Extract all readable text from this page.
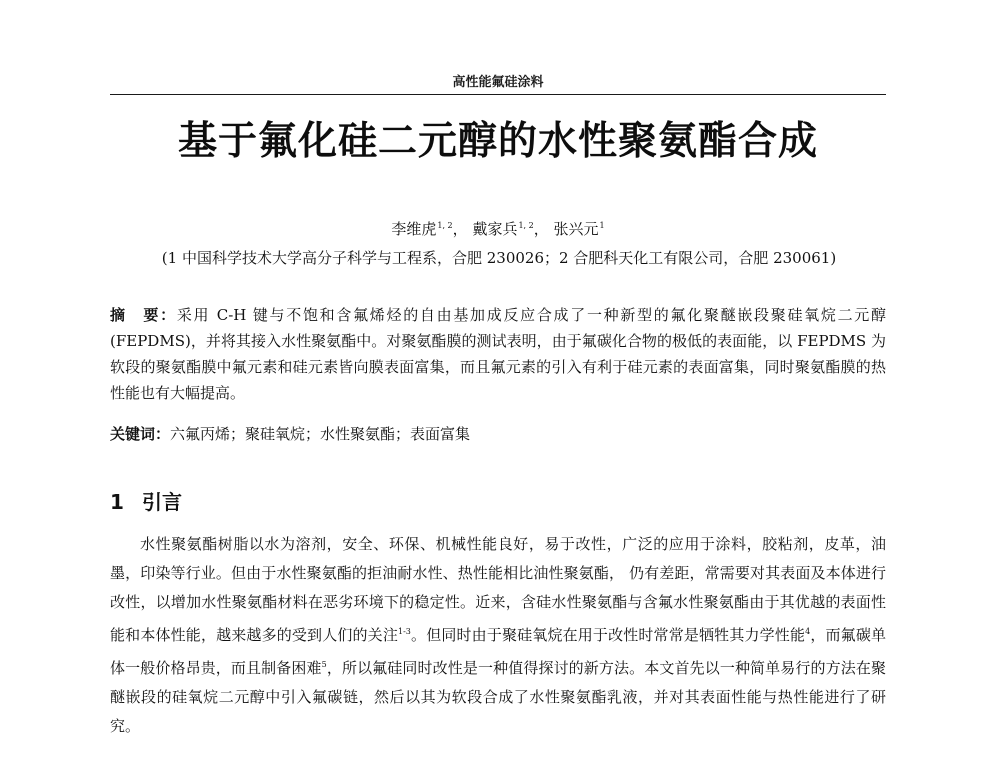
高性能氟硅涂料
基于氟化硅二元醇的水性聚氨酯合成
李维虎$^{1, 2}$， 戴家兵$^{1, 2}$， 张兴元$^1$
(1 中国科学技术大学高分子科学与工程系，合肥 230026；2 合肥科天化工有限公司，合肥 230061)

摘　要：采用 C-H 键与不饱和含氟烯烃的自由基加成反应合成了一种新型的氟化聚醚嵌段聚硅氧烷二元醇(FEPDMS)，并将其接入水性聚氨酯中。对聚氨酯膜的测试表明，由于氟碳化合物的极低的表面能，以 FEPDMS 为软段的聚氨酯膜中氟元素和硅元素皆向膜表面富集，而且氟元素的引入有利于硅元素的表面富集，同时聚氨酯膜的热性能也有大幅提高。

关键词：六氟丙烯；聚硅氧烷；水性聚氨酯；表面富集

1 引言

水性聚氨酯树脂以水为溶剂，安全、环保、机械性能良好，易于改性，广泛的应用于涂料，胶粘剂，皮革，油墨，印染等行业。但由于水性聚氨酯的拒油耐水性、热性能相比油性聚氨酯， 仍有差距，常需要对其表面及本体进行改性，以增加水性聚氨酯材料在恶劣环境下的稳定性。近来，含硅水性聚氨酯与含氟水性聚氨酯由于其优越的表面性能和本体性能，越来越多的受到人们的关注$^{1-3}$。但同时由于聚硅氧烷在用于改性时常常是牺牲其力学性能$^4$，而氟碳单体一般价格昂贵，而且制备困难$^5$，所以氟硅同时改性是一种值得探讨的新方法。本文首先以一种简单易行的方法在聚醚嵌段的硅氧烷二元醇中引入氟碳链，然后以其为软段合成了水性聚氨酯乳液，并对其表面性能与热性能进行了研究。
